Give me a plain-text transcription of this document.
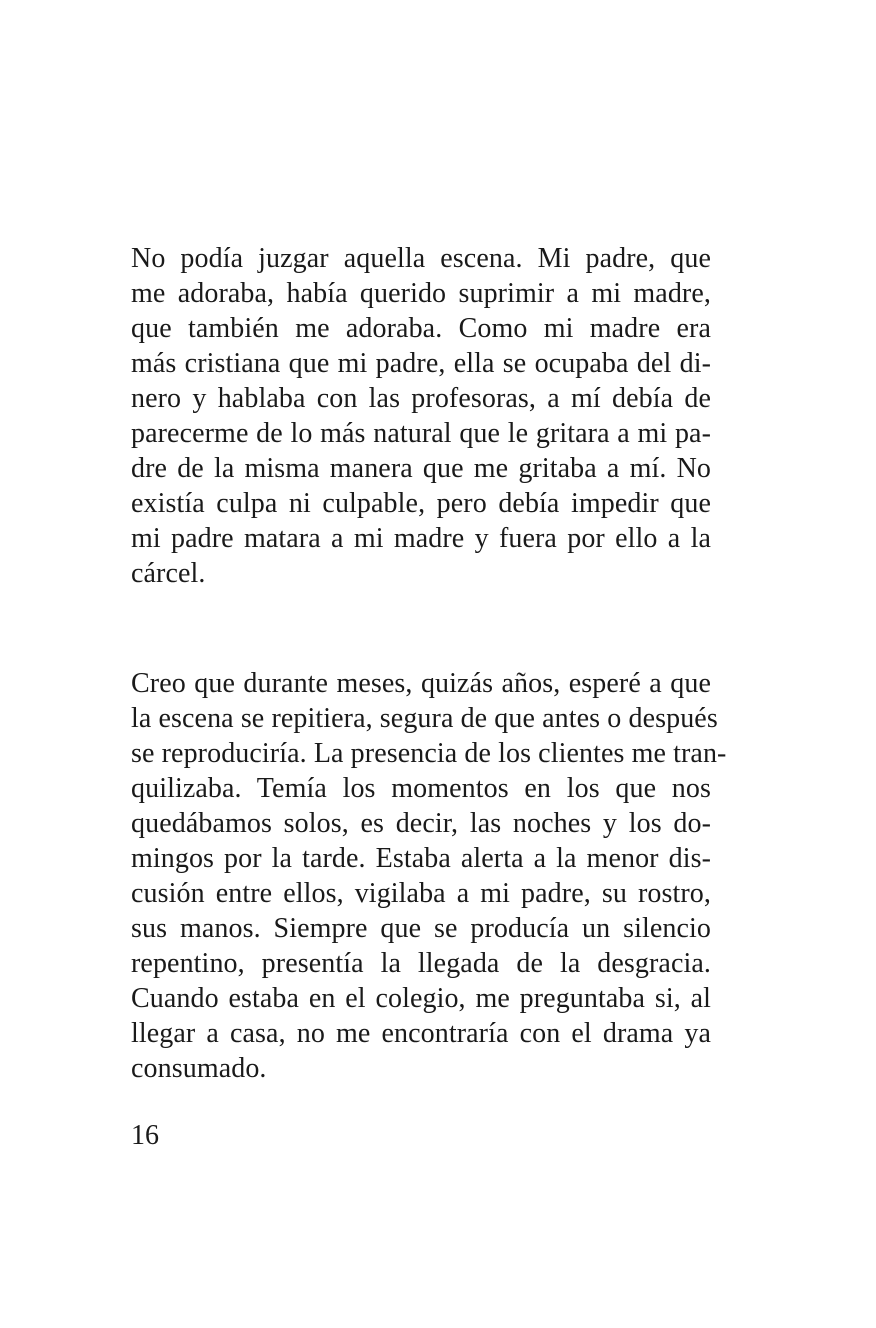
No podía juzgar aquella escena. Mi padre, que
me adoraba, había querido suprimir a mi madre,
que también me adoraba. Como mi madre era
más cristiana que mi padre, ella se ocupaba del di-
nero y hablaba con las profesoras, a mí debía de
parecerme de lo más natural que le gritara a mi pa-
dre de la misma manera que me gritaba a mí. No
existía culpa ni culpable, pero debía impedir que
mi padre matara a mi madre y fuera por ello a la
cárcel.
Creo que durante meses, quizás años, esperé a que
la escena se repitiera, segura de que antes o después
se reproduciría. La presencia de los clientes me tran-
quilizaba. Temía los momentos en los que nos
quedábamos solos, es decir, las noches y los do-
mingos por la tarde. Estaba alerta a la menor dis-
cusión entre ellos, vigilaba a mi padre, su rostro,
sus manos. Siempre que se producía un silencio
repentino, presentía la llegada de la desgracia.
Cuando estaba en el colegio, me preguntaba si, al
llegar a casa, no me encontraría con el drama ya
consumado.
16
